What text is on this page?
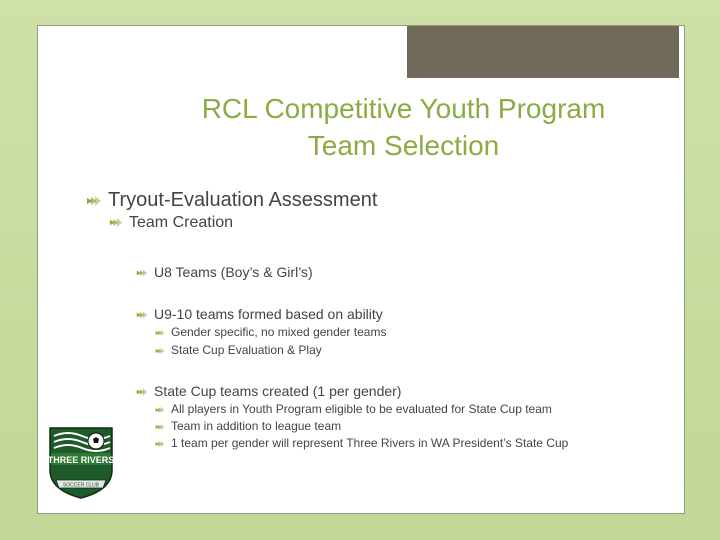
RCL Competitive Youth Program
Team Selection
Tryout-Evaluation Assessment
Team Creation
U8 Teams (Boy’s & Girl’s)
U9-10 teams formed based on ability
Gender specific, no mixed gender teams
State Cup Evaluation & Play
State Cup teams created (1 per gender)
All players in Youth Program eligible to be evaluated for State Cup team
Team in addition to league team
1 team per gender will represent Three Rivers in WA President’s State Cup
THREE RIVERS
SOCCER CLUB
